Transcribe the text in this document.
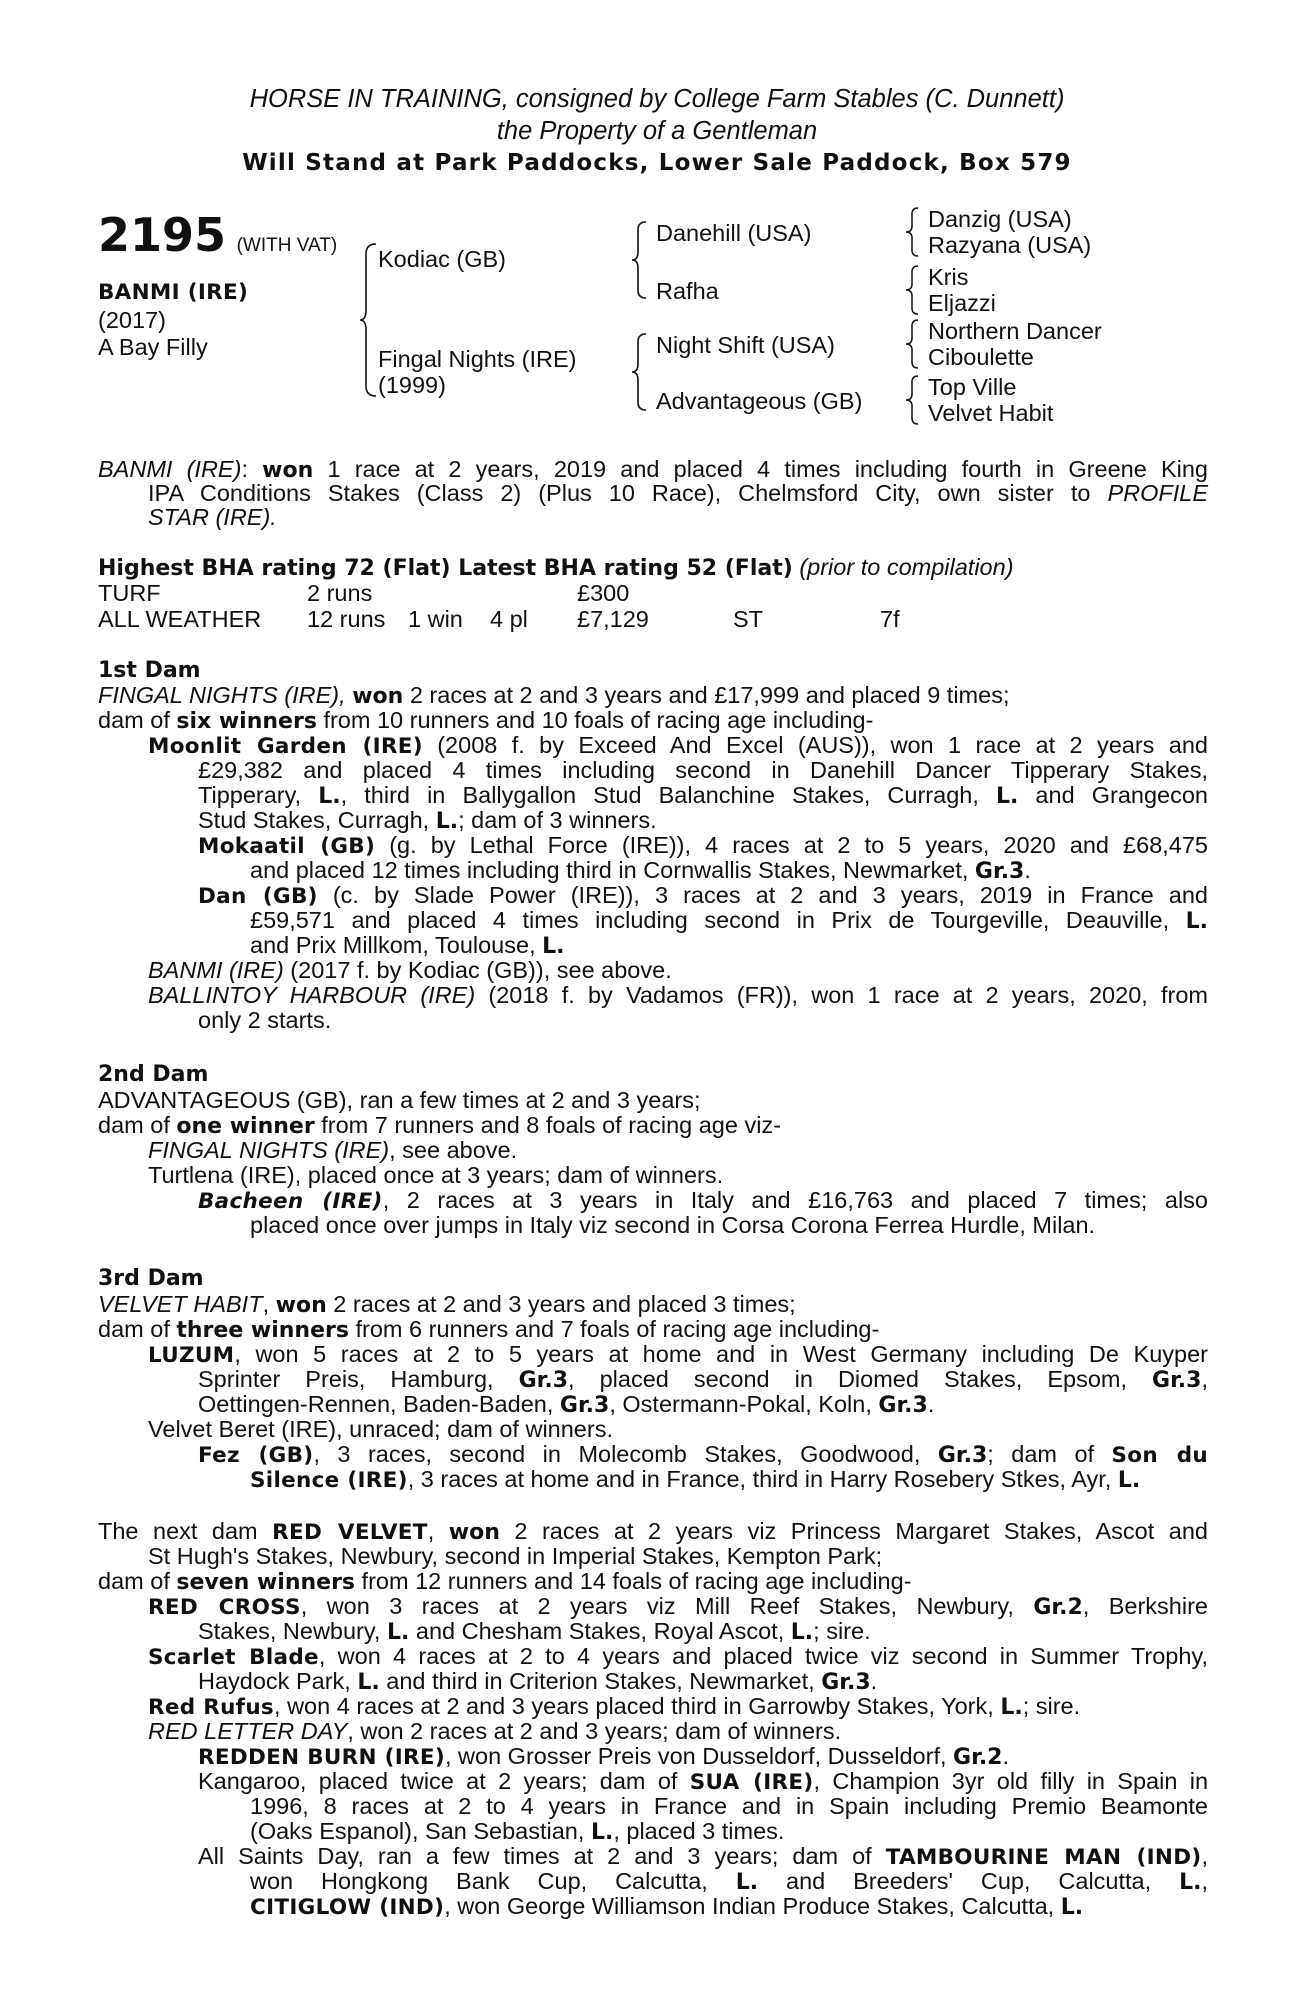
HORSE IN TRAINING, consigned by College Farm Stables (C. Dunnett)
the Property of a Gentleman
Will Stand at Park Paddocks, Lower Sale Paddock, Box 579
2195 (WITH VAT)
BANMI (IRE)
(2017)
A Bay Filly
Kodiac (GB)
Fingal Nights (IRE)
(1999)
Danehill (USA)
Rafha
Night Shift (USA)
Advantageous (GB)
Danzig (USA)
Razyana (USA)
Kris
Eljazzi
Northern Dancer
Ciboulette
Top Ville
Velvet Habit
BANMI (IRE): won 1 race at 2 years, 2019 and placed 4 times including fourth in Greene King
IPA Conditions Stakes (Class 2) (Plus 10 Race), Chelmsford City, own sister to PROFILE
STAR (IRE).
Highest BHA rating 72 (Flat) Latest BHA rating 52 (Flat) (prior to compilation)
TURF	2 runs	£300
ALL WEATHER 12 runs 1 win 4 pl £7,129	ST	7f
1st Dam
FINGAL NIGHTS (IRE), won 2 races at 2 and 3 years and £17,999 and placed 9 times;
dam of six winners from 10 runners and 10 foals of racing age including-
Moonlit Garden (IRE) (2008 f. by Exceed And Excel (AUS)), won 1 race at 2 years and
£29,382 and placed 4 times including second in Danehill Dancer Tipperary Stakes,
Tipperary, L., third in Ballygallon Stud Balanchine Stakes, Curragh, L. and Grangecon
Stud Stakes, Curragh, L.; dam of 3 winners.
Mokaatil (GB) (g. by Lethal Force (IRE)), 4 races at 2 to 5 years, 2020 and £68,475
and placed 12 times including third in Cornwallis Stakes, Newmarket, Gr.3.
Dan (GB) (c. by Slade Power (IRE)), 3 races at 2 and 3 years, 2019 in France and
£59,571 and placed 4 times including second in Prix de Tourgeville, Deauville, L.
and Prix Millkom, Toulouse, L.
BANMI (IRE) (2017 f. by Kodiac (GB)), see above.
BALLINTOY HARBOUR (IRE) (2018 f. by Vadamos (FR)), won 1 race at 2 years, 2020, from
only 2 starts.
2nd Dam
ADVANTAGEOUS (GB), ran a few times at 2 and 3 years;
dam of one winner from 7 runners and 8 foals of racing age viz-
FINGAL NIGHTS (IRE), see above.
Turtlena (IRE), placed once at 3 years; dam of winners.
Bacheen (IRE), 2 races at 3 years in Italy and £16,763 and placed 7 times; also
placed once over jumps in Italy viz second in Corsa Corona Ferrea Hurdle, Milan.
3rd Dam
VELVET HABIT, won 2 races at 2 and 3 years and placed 3 times;
dam of three winners from 6 runners and 7 foals of racing age including-
LUZUM, won 5 races at 2 to 5 years at home and in West Germany including De Kuyper
Sprinter Preis, Hamburg, Gr.3, placed second in Diomed Stakes, Epsom, Gr.3,
Oettingen-Rennen, Baden-Baden, Gr.3, Ostermann-Pokal, Koln, Gr.3.
Velvet Beret (IRE), unraced; dam of winners.
Fez (GB), 3 races, second in Molecomb Stakes, Goodwood, Gr.3; dam of Son du
Silence (IRE), 3 races at home and in France, third in Harry Rosebery Stkes, Ayr, L.
The next dam RED VELVET, won 2 races at 2 years viz Princess Margaret Stakes, Ascot and
St Hugh's Stakes, Newbury, second in Imperial Stakes, Kempton Park;
dam of seven winners from 12 runners and 14 foals of racing age including-
RED CROSS, won 3 races at 2 years viz Mill Reef Stakes, Newbury, Gr.2, Berkshire
Stakes, Newbury, L. and Chesham Stakes, Royal Ascot, L.; sire.
Scarlet Blade, won 4 races at 2 to 4 years and placed twice viz second in Summer Trophy,
Haydock Park, L. and third in Criterion Stakes, Newmarket, Gr.3.
Red Rufus, won 4 races at 2 and 3 years placed third in Garrowby Stakes, York, L.; sire.
RED LETTER DAY, won 2 races at 2 and 3 years; dam of winners.
REDDEN BURN (IRE), won Grosser Preis von Dusseldorf, Dusseldorf, Gr.2.
Kangaroo, placed twice at 2 years; dam of SUA (IRE), Champion 3yr old filly in Spain in
1996, 8 races at 2 to 4 years in France and in Spain including Premio Beamonte
(Oaks Espanol), San Sebastian, L., placed 3 times.
All Saints Day, ran a few times at 2 and 3 years; dam of TAMBOURINE MAN (IND),
won Hongkong Bank Cup, Calcutta, L. and Breeders' Cup, Calcutta, L.,
CITIGLOW (IND), won George Williamson Indian Produce Stakes, Calcutta, L.
